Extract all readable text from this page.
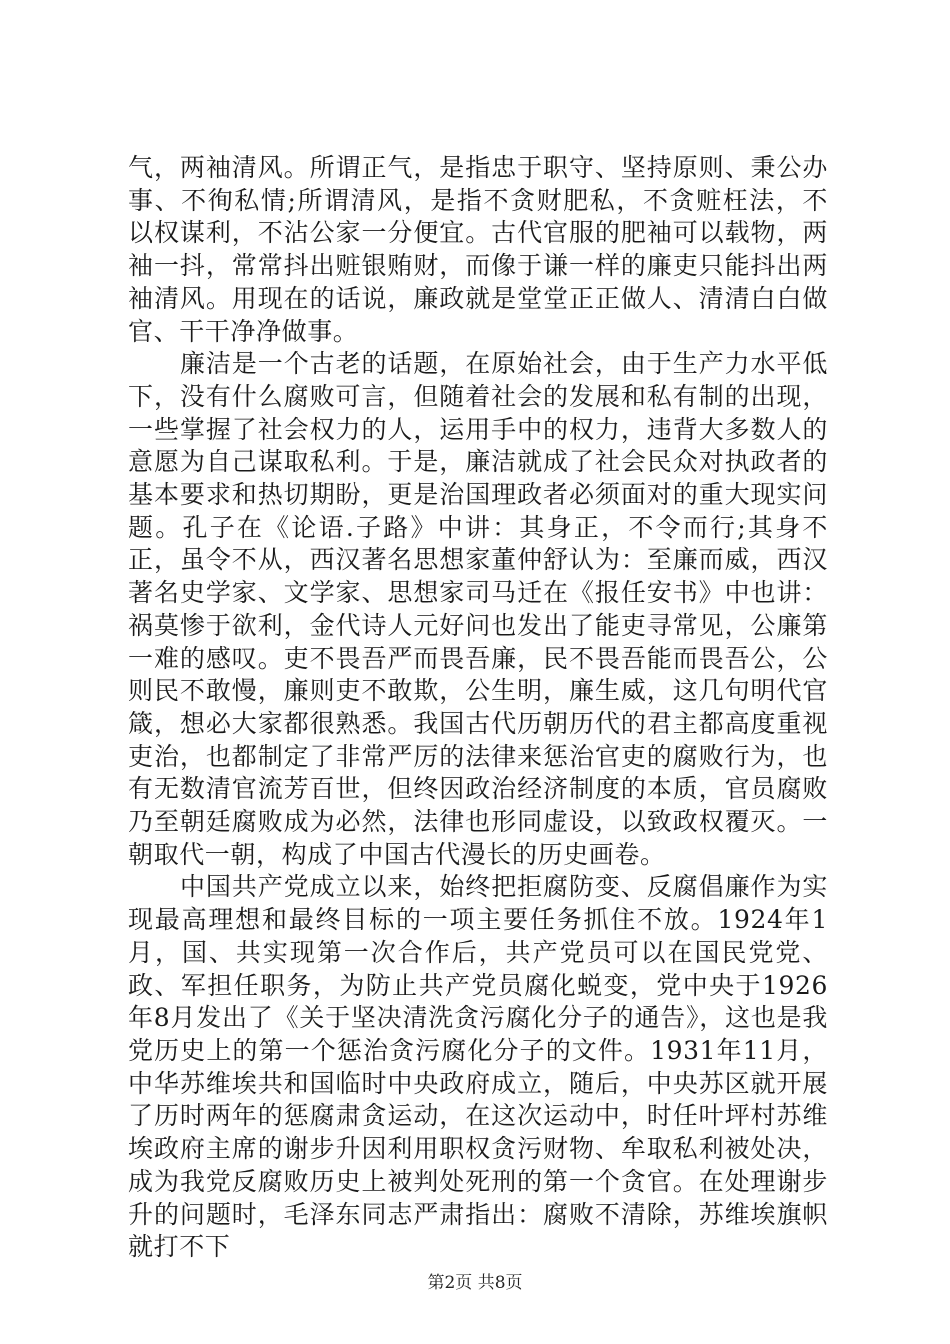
气，两袖清风。所谓正气，是指忠于职守、坚持原则、秉公办事、不徇私情;所谓清风，是指不贪财肥私，不贪赃枉法，不以权谋利，不沾公家一分便宜。古代官服的肥袖可以载物，两袖一抖，常常抖出赃银贿财，而像于谦一样的廉吏只能抖出两袖清风。用现在的话说，廉政就是堂堂正正做人、清清白白做官、干干净净做事。

廉洁是一个古老的话题，在原始社会，由于生产力水平低下，没有什么腐败可言，但随着社会的发展和私有制的出现，一些掌握了社会权力的人，运用手中的权力，违背大多数人的意愿为自己谋取私利。于是，廉洁就成了社会民众对执政者的基本要求和热切期盼，更是治国理政者必须面对的重大现实问题。孔子在《论语.子路》中讲：其身正，不令而行;其身不正，虽令不从，西汉著名思想家董仲舒认为：至廉而威，西汉著名史学家、文学家、思想家司马迁在《报任安书》中也讲：祸莫惨于欲利，金代诗人元好问也发出了能吏寻常见，公廉第一难的感叹。吏不畏吾严而畏吾廉，民不畏吾能而畏吾公，公则民不敢慢，廉则吏不敢欺，公生明，廉生威，这几句明代官箴，想必大家都很熟悉。我国古代历朝历代的君主都高度重视吏治，也都制定了非常严厉的法律来惩治官吏的腐败行为，也有无数清官流芳百世，但终因政治经济制度的本质，官员腐败乃至朝廷腐败成为必然，法律也形同虚设，以致政权覆灭。一朝取代一朝，构成了中国古代漫长的历史画卷。

中国共产党成立以来，始终把拒腐防变、反腐倡廉作为实现最高理想和最终目标的一项主要任务抓住不放。1924年1月，国、共实现第一次合作后，共产党员可以在国民党党、政、军担任职务，为防止共产党员腐化蜕变，党中央于1926年8月发出了《关于坚决清洗贪污腐化分子的通告》，这也是我党历史上的第一个惩治贪污腐化分子的文件。1931年11月，中华苏维埃共和国临时中央政府成立，随后，中央苏区就开展了历时两年的惩腐肃贪运动，在这次运动中，时任叶坪村苏维埃政府主席的谢步升因利用职权贪污财物、牟取私利被处决，成为我党反腐败历史上被判处死刑的第一个贪官。在处理谢步升的问题时，毛泽东同志严肃指出：腐败不清除，苏维埃旗帜就打不下

第2页 共8页
